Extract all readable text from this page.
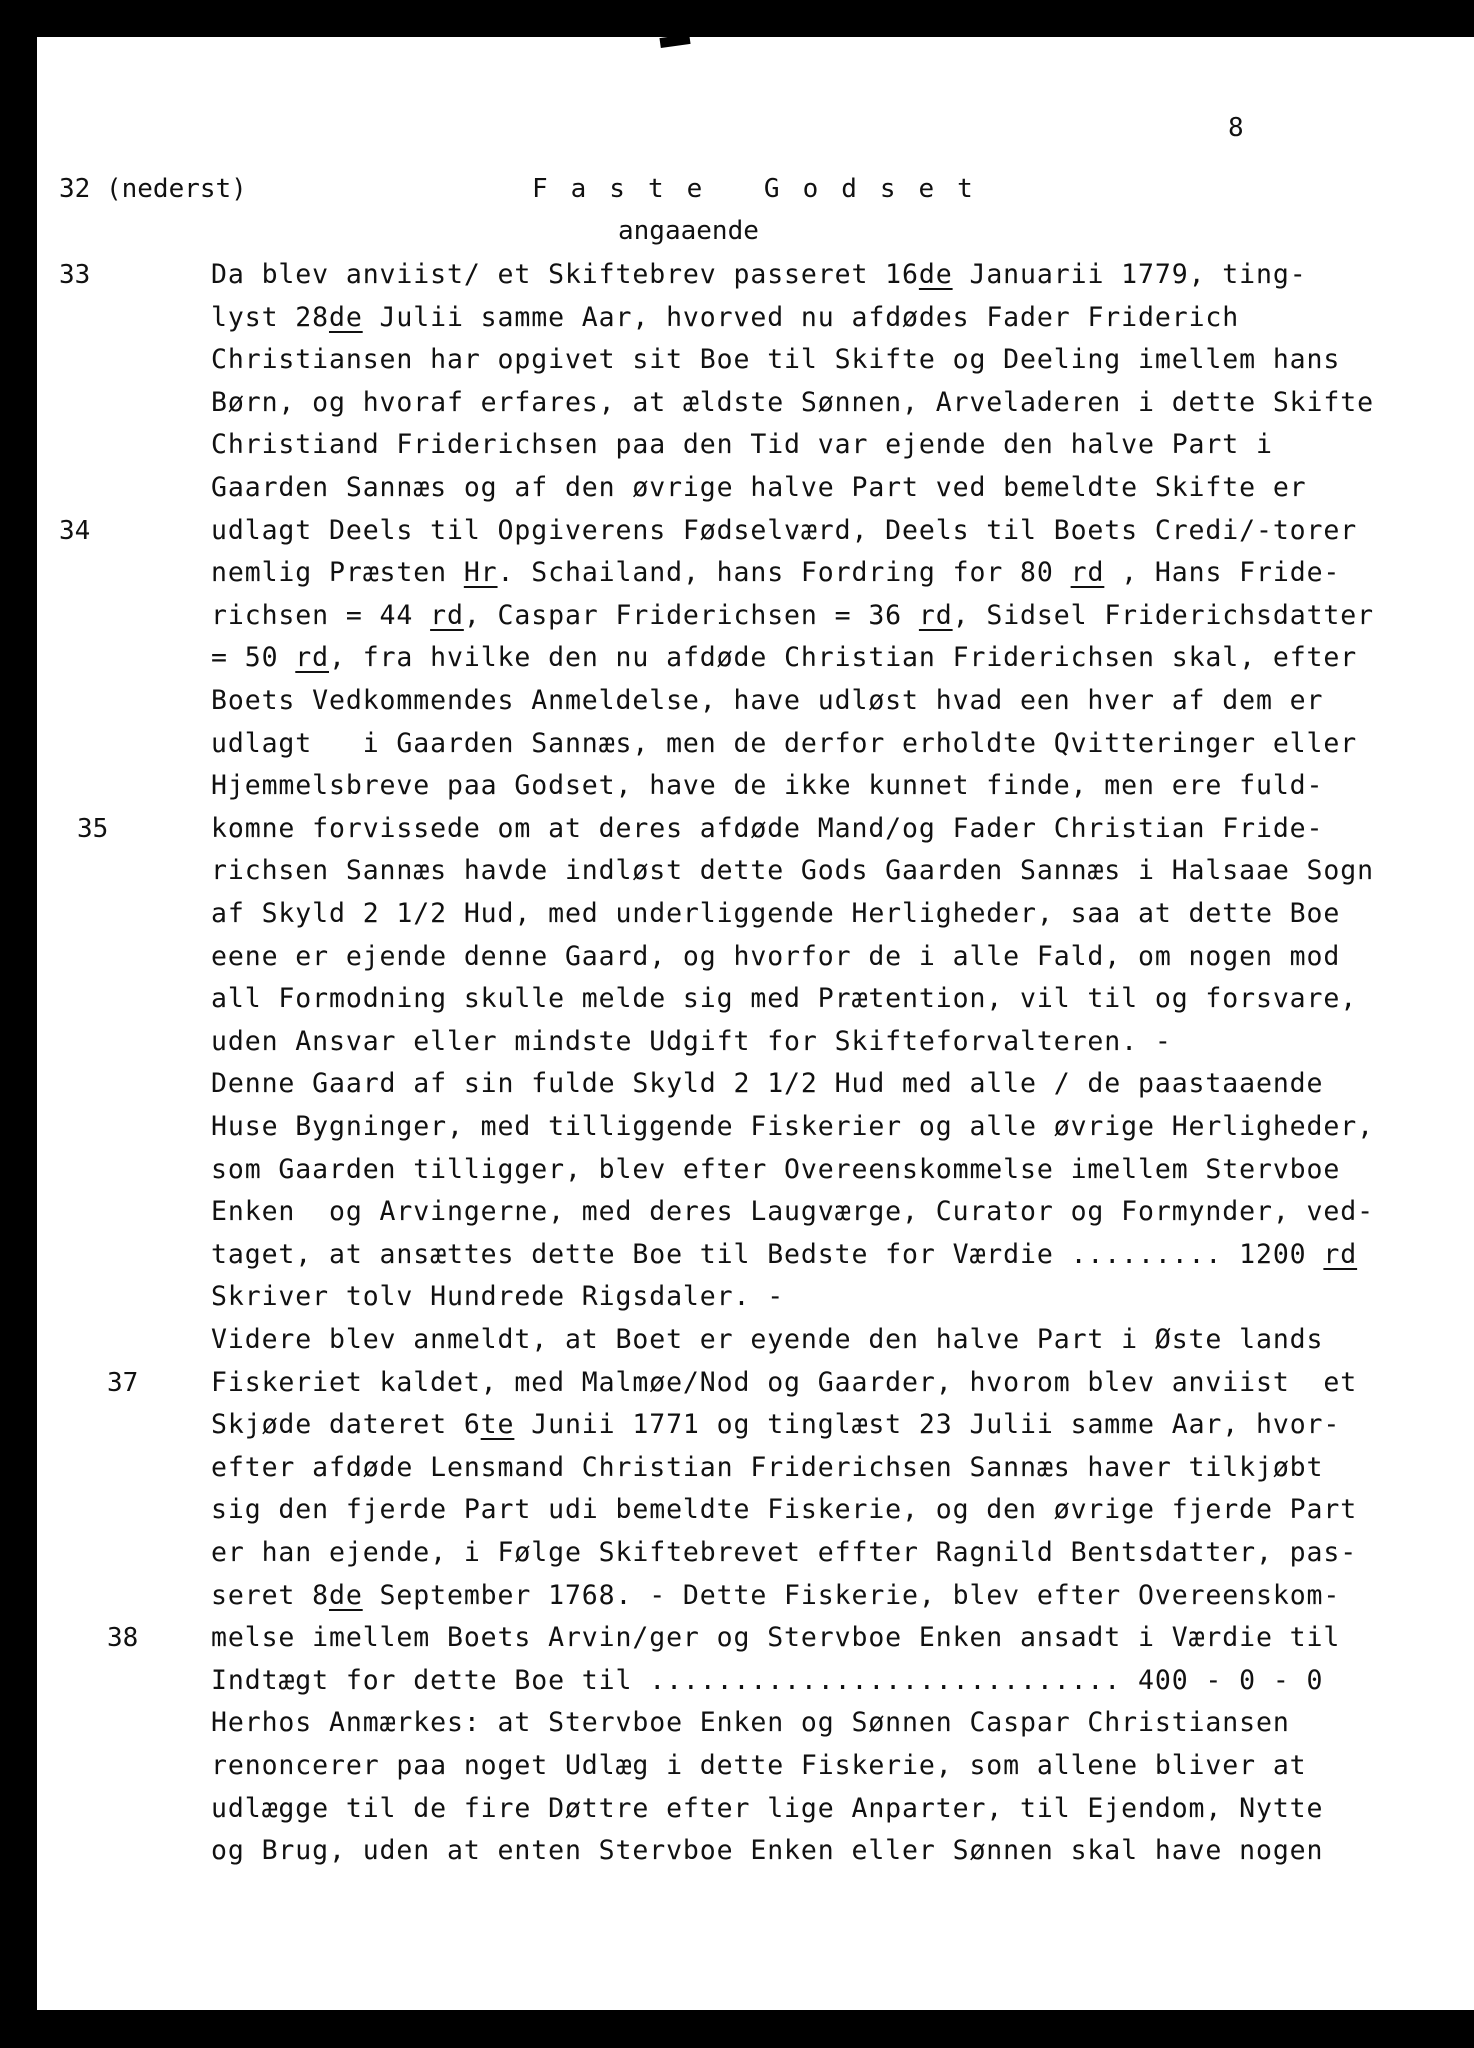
8
32 (nederst)	Faste Godset
angaaende
33
34
35
37
38
Da blev anviist/ et Skiftebrev passeret 16de Januarii 1779, ting-
lyst 28de Julii samme Aar, hvorved nu afdødes Fader Friderich
Christiansen har opgivet sit Boe til Skifte og Deeling imellem hans
Børn, og hvoraf erfares, at ældste Sønnen, Arveladeren i dette Skifte
Christiand Friderichsen paa den Tid var ejende den halve Part i
Gaarden Sannæs og af den øvrige halve Part ved bemeldte Skifte er
udlagt Deels til Opgiverens Fødselværd, Deels til Boets Credi/-torer
nemlig Præsten Hr. Schailand, hans Fordring for 80 rd , Hans Fride-
richsen = 44 rd, Caspar Friderichsen = 36 rd, Sidsel Friderichsdatter
= 50 rd, fra hvilke den nu afdøde Christian Friderichsen skal, efter
Boets Vedkommendes Anmeldelse, have udløst hvad een hver af dem er
udlagt   i Gaarden Sannæs, men de derfor erholdte Qvitteringer eller
Hjemmelsbreve paa Godset, have de ikke kunnet finde, men ere fuld-
komne forvissede om at deres afdøde Mand/og Fader Christian Fride-
richsen Sannæs havde indløst dette Gods Gaarden Sannæs i Halsaae Sogn
af Skyld 2 1/2 Hud, med underliggende Herligheder, saa at dette Boe
eene er ejende denne Gaard, og hvorfor de i alle Fald, om nogen mod
all Formodning skulle melde sig med Prætention, vil til og forsvare,
uden Ansvar eller mindste Udgift for Skifteforvalteren. -
Denne Gaard af sin fulde Skyld 2 1/2 Hud med alle / de paastaaende
Huse Bygninger, med tilliggende Fiskerier og alle øvrige Herligheder,
som Gaarden tilligger, blev efter Overeenskommelse imellem Stervboe
Enken  og Arvingerne, med deres Laugværge, Curator og Formynder, ved-
taget, at ansættes dette Boe til Bedste for Værdie ......... 1200 rd
Skriver tolv Hundrede Rigsdaler. -
Videre blev anmeldt, at Boet er eyende den halve Part i Øste lands
Fiskeriet kaldet, med Malmøe/Nod og Gaarder, hvorom blev anviist  et
Skjøde dateret 6te Junii 1771 og tinglæst 23 Julii samme Aar, hvor-
efter afdøde Lensmand Christian Friderichsen Sannæs haver tilkjøbt
sig den fjerde Part udi bemeldte Fiskerie, og den øvrige fjerde Part
er han ejende, i Følge Skiftebrevet effter Ragnild Bentsdatter, pas-
seret 8de September 1768. - Dette Fiskerie, blev efter Overeenskom-
melse imellem Boets Arvin/ger og Stervboe Enken ansadt i Værdie til
Indtægt for dette Boe til ............................ 400 - 0 - 0
Herhos Anmærkes: at Stervboe Enken og Sønnen Caspar Christiansen
renoncerer paa noget Udlæg i dette Fiskerie, som allene bliver at
udlægge til de fire Døttre efter lige Anparter, til Ejendom, Nytte
og Brug, uden at enten Stervboe Enken eller Sønnen skal have nogen
